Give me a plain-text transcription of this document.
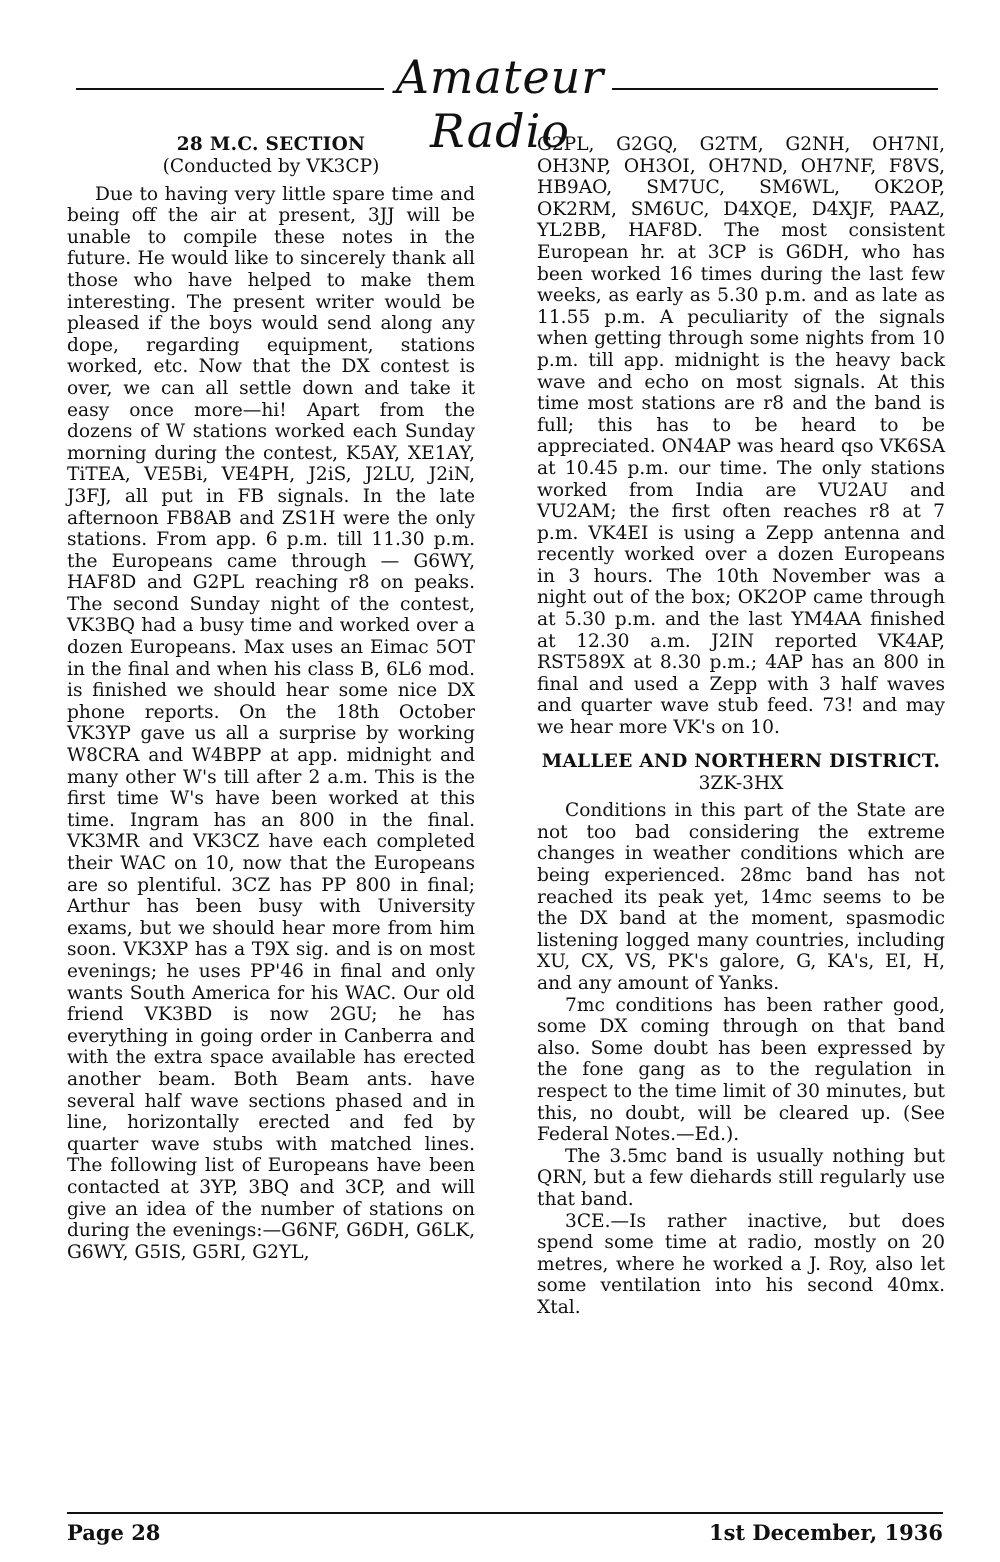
Amateur Radio
28 M.C. SECTION

(Conducted by VK3CP)

Due to having very little spare time and being off the air at present, 3JJ will be unable to compile these notes in the future. He would like to sincerely thank all those who have helped to make them interesting. The present writer would be pleased if the boys would send along any dope, regarding equipment, stations worked, etc. Now that the DX contest is over, we can all settle down and take it easy once more—hi! Apart from the dozens of W stations worked each Sunday morning during the contest, K5AY, XE1AY, TiTEA, VE5Bi, VE4PH, J2iS, J2LU, J2iN, J3FJ, all put in FB signals. In the late afternoon FB8AB and ZS1H were the only stations. From app. 6 p.m. till 11.30 p.m. the Europeans came through — G6WY, HAF8D and G2PL reaching r8 on peaks. The second Sunday night of the contest, VK3BQ had a busy time and worked over a dozen Europeans. Max uses an Eimac 5OT in the final and when his class B, 6L6 mod. is finished we should hear some nice DX phone reports. On the 18th October VK3YP gave us all a surprise by working W8CRA and W4BPP at app. midnight and many other W's till after 2 a.m. This is the first time W's have been worked at this time. Ingram has an 800 in the final. VK3MR and VK3CZ have each completed their WAC on 10, now that the Europeans are so plentiful. 3CZ has PP 800 in final; Arthur has been busy with University exams, but we should hear more from him soon. VK3XP has a T9X sig. and is on most evenings; he uses PP'46 in final and only wants South America for his WAC. Our old friend VK3BD is now 2GU; he has everything in going order in Canberra and with the extra space available has erected another beam. Both Beam ants. have several half wave sections phased and in line, horizontally erected and fed by quarter wave stubs with matched lines. The following list of Europeans have been contacted at 3YP, 3BQ and 3CP, and will give an idea of the number of stations on during the evenings:—G6NF, G6DH, G6LK, G6WY, G5IS, G5RI, G2YL,

G2PL, G2GQ, G2TM, G2NH, OH7NI, OH3NP, OH3OI, OH7ND, OH7NF, F8VS, HB9AO, SM7UC, SM6WL, OK2OP, OK2RM, SM6UC, D4XQE, D4XJF, PAAZ, YL2BB, HAF8D. The most consistent European hr. at 3CP is G6DH, who has been worked 16 times during the last few weeks, as early as 5.30 p.m. and as late as 11.55 p.m. A peculiarity of the signals when getting through some nights from 10 p.m. till app. midnight is the heavy back wave and echo on most signals. At this time most stations are r8 and the band is full; this has to be heard to be appreciated. ON4AP was heard qso VK6SA at 10.45 p.m. our time. The only stations worked from India are VU2AU and VU2AM; the first often reaches r8 at 7 p.m. VK4EI is using a Zepp antenna and recently worked over a dozen Europeans in 3 hours. The 10th November was a night out of the box; OK2OP came through at 5.30 p.m. and the last YM4AA finished at 12.30 a.m. J2IN reported VK4AP, RST589X at 8.30 p.m.; 4AP has an 800 in final and used a Zepp with 3 half waves and quarter wave stub feed. 73! and may we hear more VK's on 10.

MALLEE AND NORTHERN DISTRICT.

3ZK-3HX

Conditions in this part of the State are not too bad considering the extreme changes in weather conditions which are being experienced. 28mc band has not reached its peak yet, 14mc seems to be the DX band at the moment, spasmodic listening logged many countries, including XU, CX, VS, PK's galore, G, KA's, EI, H, and any amount of Yanks.

7mc conditions has been rather good, some DX coming through on that band also. Some doubt has been expressed by the fone gang as to the regulation in respect to the time limit of 30 minutes, but this, no doubt, will be cleared up. (See Federal Notes.—Ed.).

The 3.5mc band is usually nothing but QRN, but a few diehards still regularly use that band.

3CE.—Is rather inactive, but does spend some time at radio, mostly on 20 metres, where he worked a J. Roy, also let some ventilation into his second 40mx. Xtal.

Page 28	1st December, 1936
